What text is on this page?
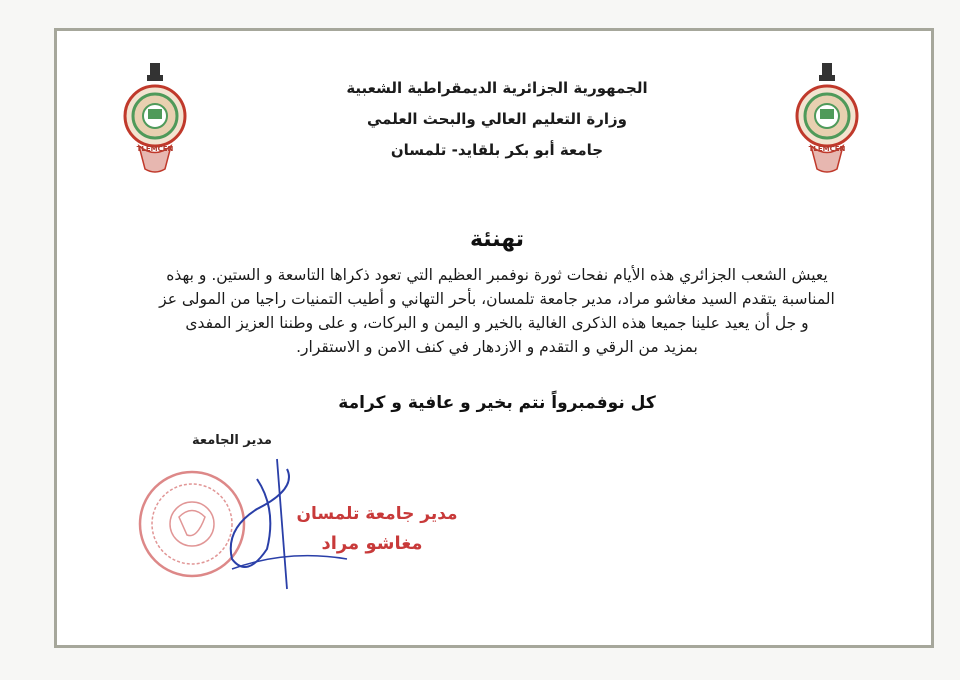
TLEMCEN	TLEMCEN
الجمهورية الجزائرية الديمقراطية الشعبية
وزارة التعليم العالي والبحث العلمي
جامعة أبو بكر بلقايد- تلمسان
تهنئة
يعيش الشعب الجزائري هذه الأيام نفحات ثورة نوفمبر العظيم التي تعود ذكراها التاسعة و الستين. و بهذه
المناسبة يتقدم السيد مغاشو مراد، مدير جامعة تلمسان، بأحر التهاني و أطيب التمنيات راجيا من المولى عز
و جل أن يعيد علينا جميعا هذه الذكرى الغالية بالخير و اليمن و البركات، و على وطننا العزيز المفدى
بمزيد من الرقي و التقدم و الازدهار في كنف الامن و الاستقرار.
كل نوفمبرواً نتم بخير و عافية و كرامة
مدير الجامعة
مدير جامعة تلمسان
مغاشو مراد
